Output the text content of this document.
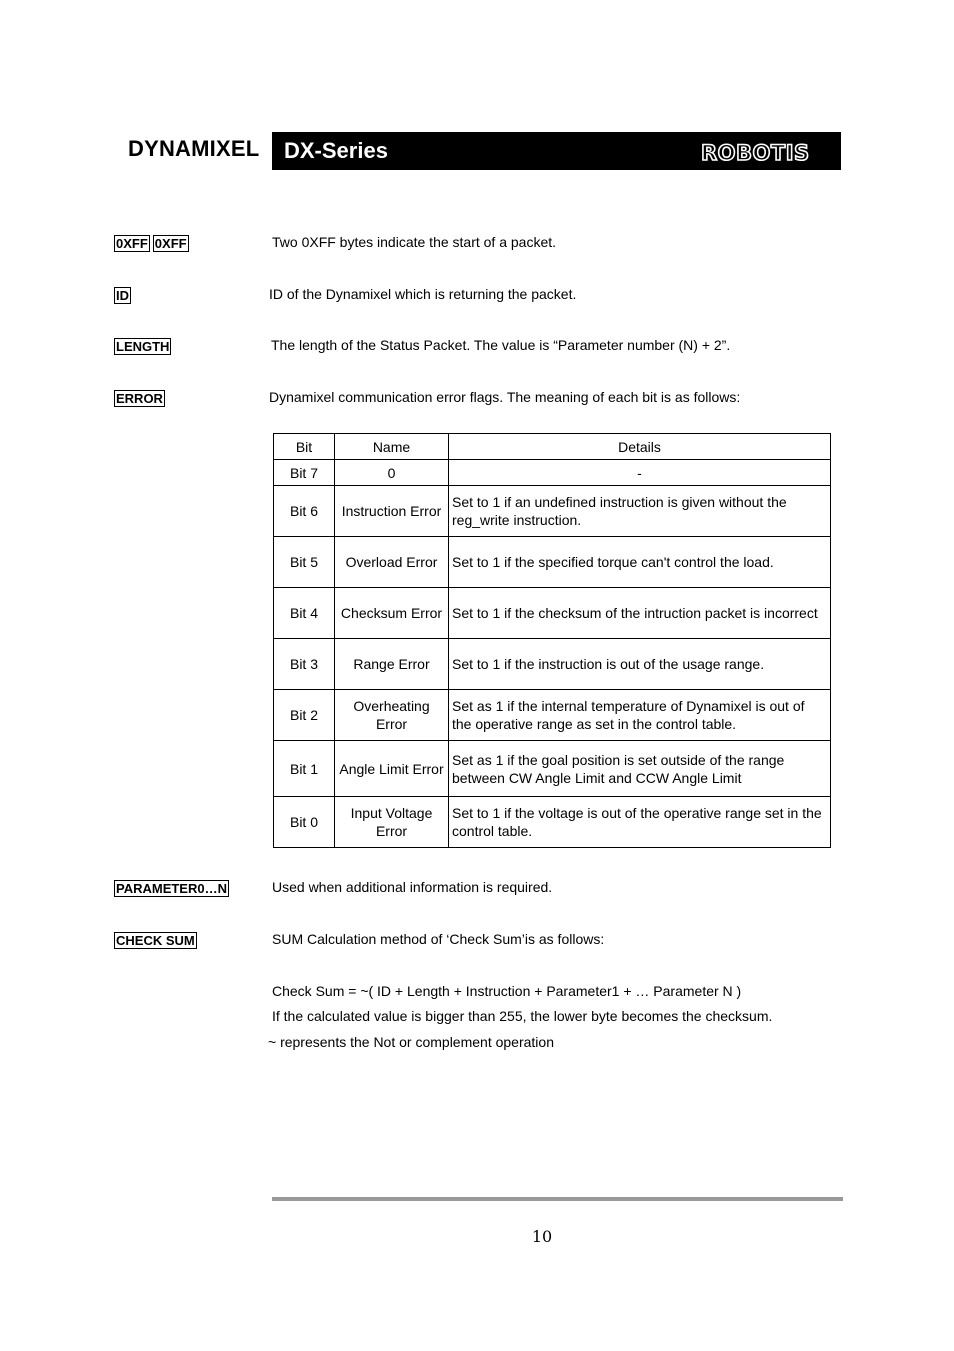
DYNAMIXEL DX-Series	ROBOTIS
0XFF 0XFF	Two 0XFF bytes indicate the start of a packet.
ID	ID of the Dynamixel which is returning the packet.
LENGTH	The length of the Status Packet. The value is “Parameter number (N) + 2”.
ERROR	Dynamixel communication error flags. The meaning of each bit is as follows:
Bit	Name	Details
Bit 7	0	-
Bit 6	Instruction Error	Set to 1 if an undefined instruction is given without the reg_write instruction.
Bit 5	Overload Error	Set to 1 if the specified torque can't control the load.
Bit 4	Checksum Error	Set to 1 if the checksum of the intruction packet is incorrect
Bit 3	Range Error	Set to 1 if the instruction is out of the usage range.
Bit 2	Overheating Error	Set as 1 if the internal temperature of Dynamixel is out of the operative range as set in the control table.
Bit 1	Angle Limit Error	Set as 1 if the goal position is set outside of the range between CW Angle Limit and CCW Angle Limit
Bit 0	Input Voltage Error	Set to 1 if the voltage is out of the operative range set in the control table.
PARAMETER0…N	Used when additional information is required.
CHECK SUM	SUM Calculation method of ‘Check Sum’is as follows:
Check Sum = ~( ID + Length + Instruction + Parameter1 + … Parameter N )
If the calculated value is bigger than 255, the lower byte becomes the checksum.
~ represents the Not or complement operation
10
